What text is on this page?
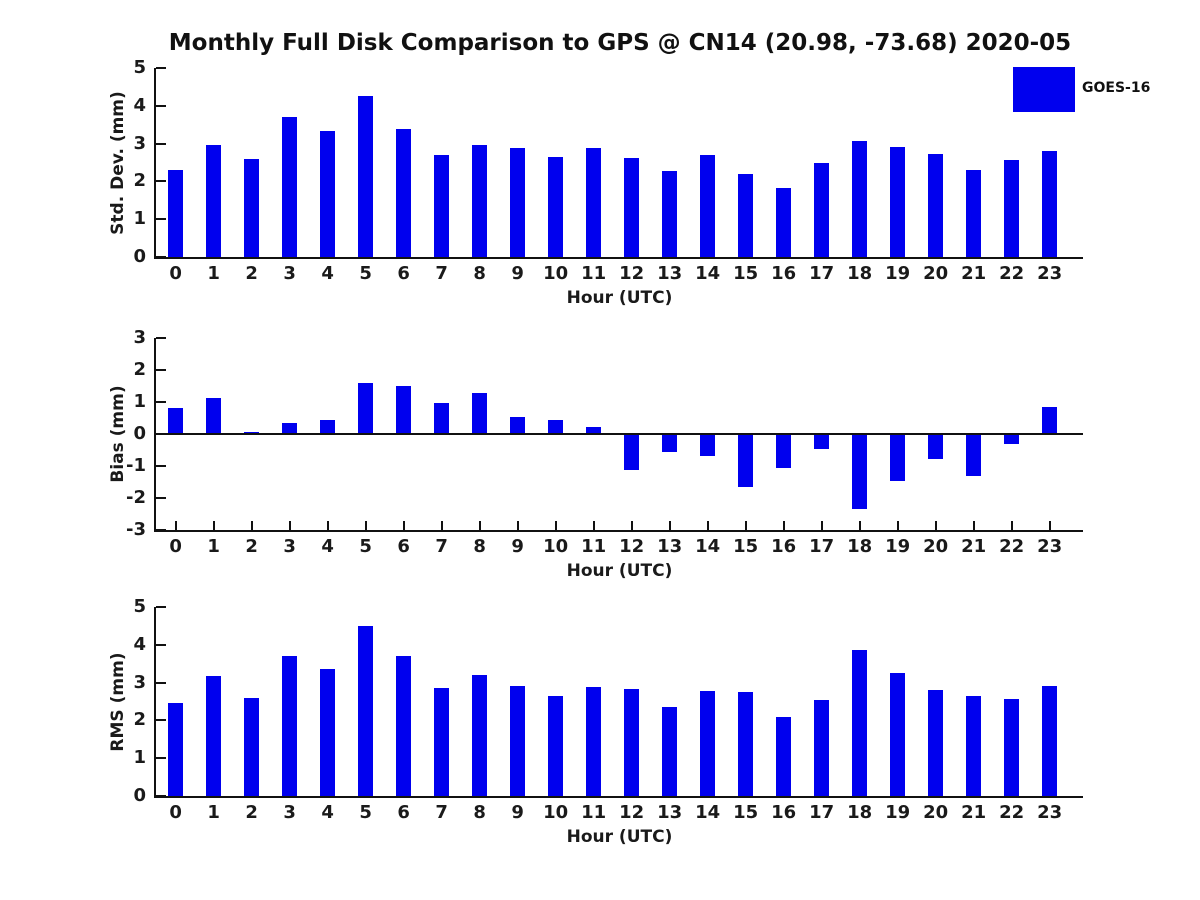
Monthly Full Disk Comparison to GPS @ CN14 (20.98, -73.68) 2020-05
GOES-16
0
1
2
3
4
5
0	1	2	3	4	5	6	7	8	9	10 11 12 13 14 15 16 17 18 19 20 21 22 23
Std. Dev. (mm)
Hour (UTC)
-3
-2
-1
0
1
2
3
0	1	2	3	4	5	6	7	8	9	10 11 12 13 14 15 16 17 18 19 20 21 22 23
Bias (mm)
Hour (UTC)
0
1
2
3
4
5
0	1	2	3	4	5	6	7	8	9	10 11 12 13 14 15 16 17 18 19 20 21 22 23
RMS (mm)
Hour (UTC)
